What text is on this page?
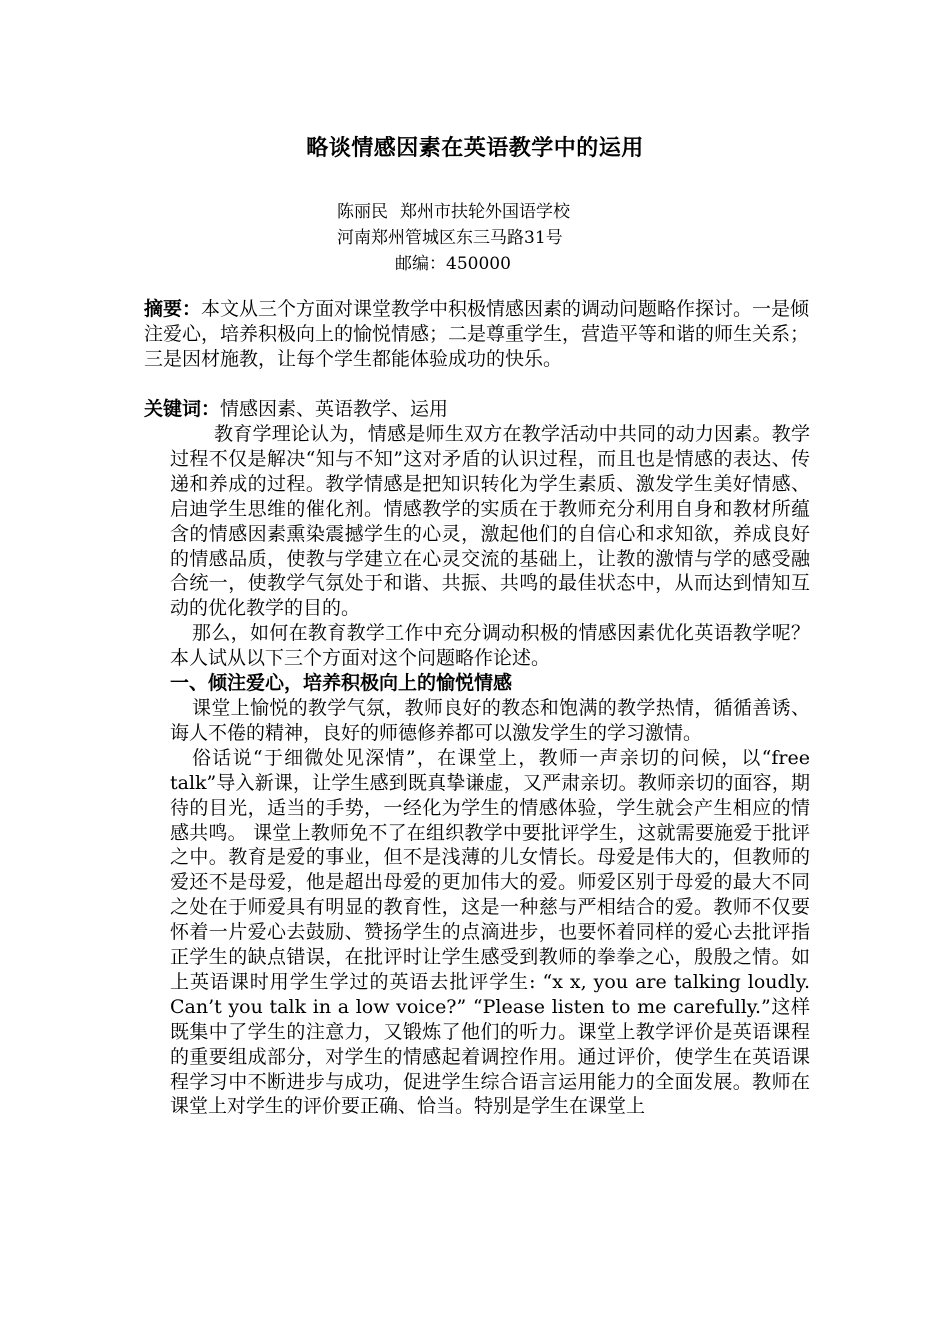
略谈情感因素在英语教学中的运用
陈丽民 郑州市扶轮外国语学校
河南郑州管城区东三马路31号
邮编：450000
摘要：本文从三个方面对课堂教学中积极情感因素的调动问题略作探讨。一是倾注爱心，培养积极向上的愉悦情感；二是尊重学生，营造平等和谐的师生关系；三是因材施教，让每个学生都能体验成功的快乐。
关键词：情感因素、英语教学、运用

教育学理论认为，情感是师生双方在教学活动中共同的动力因素。教学过程不仅是解决“知与不知”这对矛盾的认识过程，而且也是情感的表达、传递和养成的过程。教学情感是把知识转化为学生素质、激发学生美好情感、启迪学生思维的催化剂。情感教学的实质在于教师充分利用自身和教材所蕴含的情感因素熏染震撼学生的心灵，激起他们的自信心和求知欲，养成良好的情感品质，使教与学建立在心灵交流的基础上，让教的激情与学的感受融合统一，使教学气氛处于和谐、共振、共鸣的最佳状态中，从而达到情知互动的优化教学的目的。

那么，如何在教育教学工作中充分调动积极的情感因素优化英语教学呢？本人试从以下三个方面对这个问题略作论述。

一、倾注爱心，培养积极向上的愉悦情感

课堂上愉悦的教学气氛，教师良好的教态和饱满的教学热情，循循善诱、诲人不倦的精神，良好的师德修养都可以激发学生的学习激情。

俗话说“于细微处见深情”，在课堂上，教师一声亲切的问候，以“free talk”导入新课，让学生感到既真挚谦虚，又严肃亲切。教师亲切的面容，期待的目光，适当的手势，一经化为学生的情感体验，学生就会产生相应的情感共鸣。 课堂上教师免不了在组织教学中要批评学生，这就需要施爱于批评之中。教育是爱的事业，但不是浅薄的儿女情长。母爱是伟大的，但教师的爱还不是母爱，他是超出母爱的更加伟大的爱。师爱区别于母爱的最大不同之处在于师爱具有明显的教育性，这是一种慈与严相结合的爱。教师不仅要怀着一片爱心去鼓励、赞扬学生的点滴进步，也要怀着同样的爱心去批评指正学生的缺点错误，在批评时让学生感受到教师的拳拳之心，殷殷之情。如上英语课时用学生学过的英语去批评学生: “x x, you are talking loudly. Can’t you talk in a low voice?” “Please listen to me carefully.”这样既集中了学生的注意力，又锻炼了他们的听力。课堂上教学评价是英语课程的重要组成部分，对学生的情感起着调控作用。通过评价，使学生在英语课程学习中不断进步与成功，促进学生综合语言运用能力的全面发展。教师在课堂上对学生的评价要正确、恰当。特别是学生在课堂上
